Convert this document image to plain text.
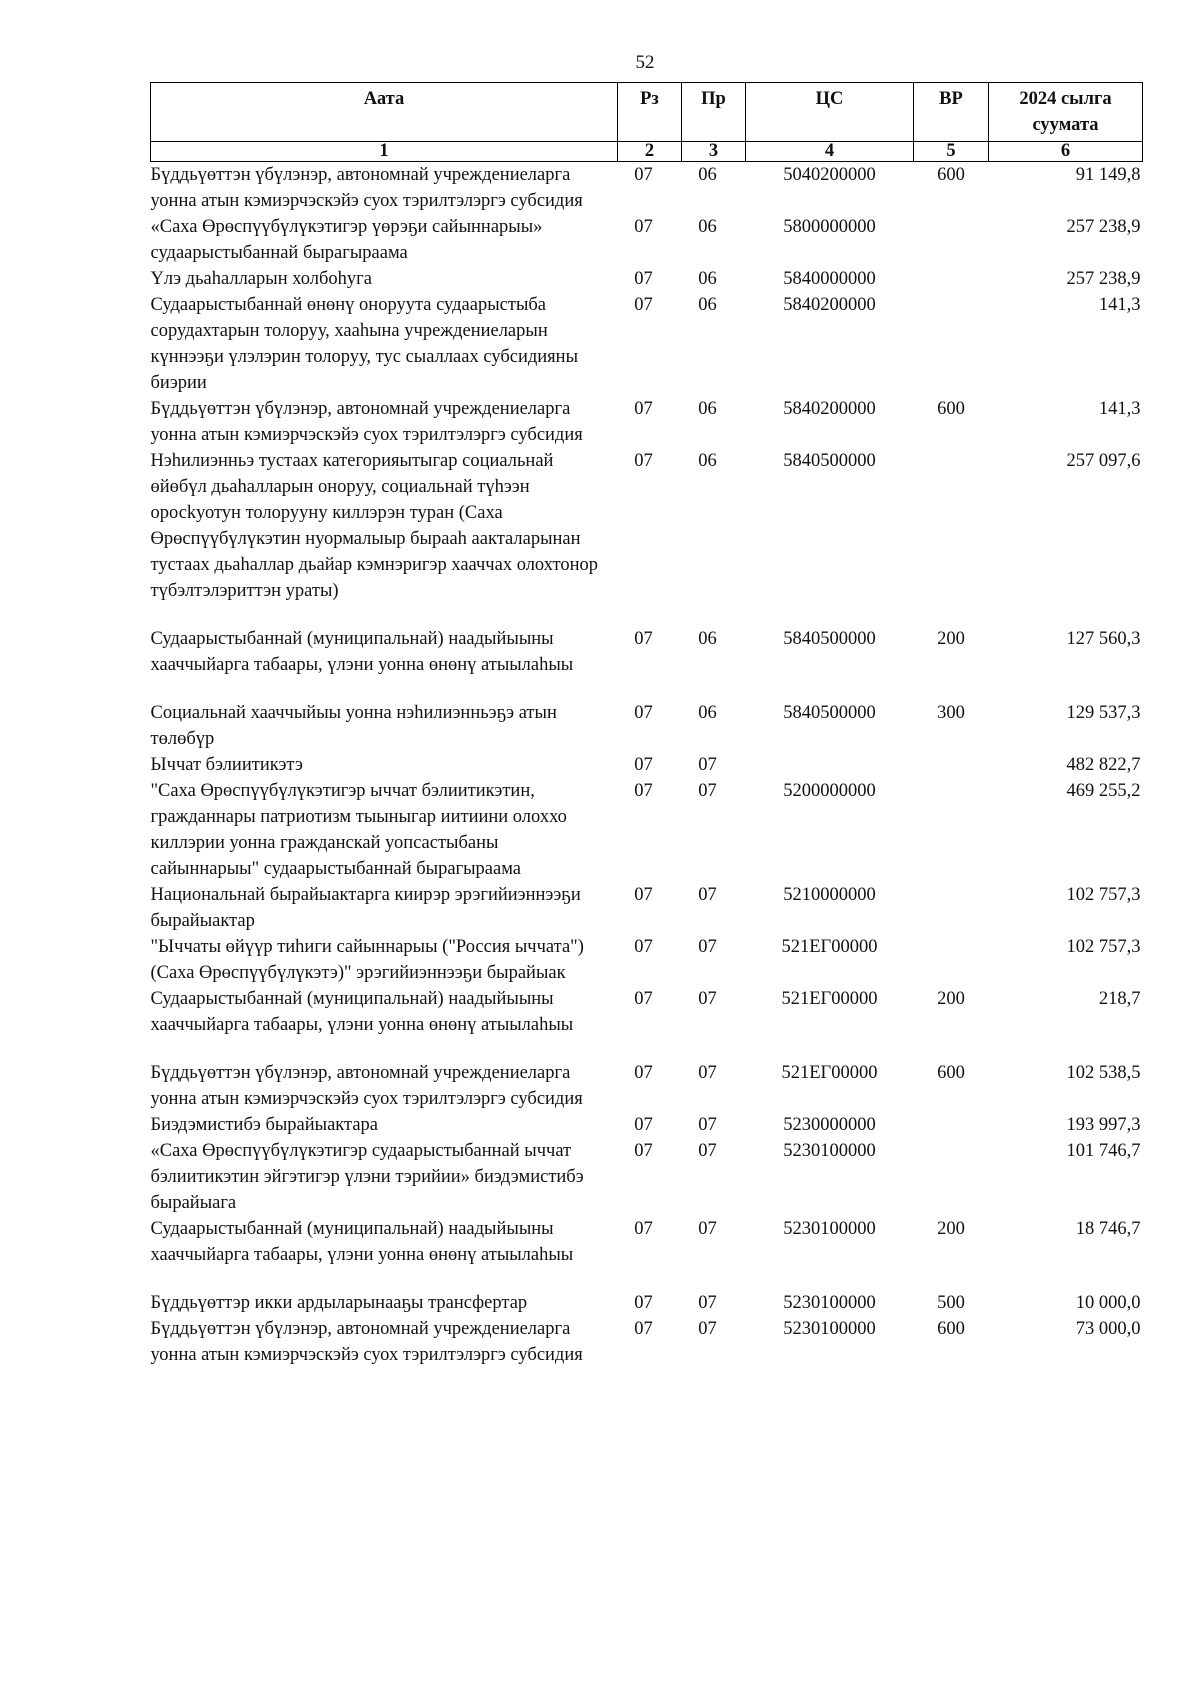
52
Аата	Рз	Пр	ЦС	ВР	2024 сылга суумата
1	2	3	4	5	6
Бүддьүөттэн үбүлэнэр, автономнай учреждениеларга уонна атын кэмиэрчэскэйэ суох тэрилтэлэргэ субсидия	07	06	5040200000	600	91 149,8
«Саха Өрөспүүбүлүкэтигэр үөрэҕи сайыннарыы» судаарыстыбаннай бырагыраама	07	06	5800000000		257 238,9
Үлэ дьаһалларын холбоһуга	07	06	5840000000		257 238,9
Судаарыстыбаннай өнөнү оноруута судаарыстыба сорудахтарын толоруу, хааһына учреждениеларын күннээҕи үлэлэрин толоруу, тус сыаллаах субсидияны биэрии	07	06	5840200000		141,3
Бүддьүөттэн үбүлэнэр, автономнай учреждениеларга уонна атын кэмиэрчэскэйэ суох тэрилтэлэргэ субсидия	07	06	5840200000	600	141,3
Нэһилиэнньэ тустаах категорияытыгар социальнай өйөбүл дьаһалларын оноруу, социальнай түһээн оросkуотун толорууну киллэрэн туран (Саха Өрөспүүбүлүкэтин нуормалыыр бырааһ аакталарынан тустаах дьаһаллар дьайар кэмнэригэр хааччах олохтонор түбэлтэлэриттэн ураты)	07	06	5840500000		257 097,6
Судаарыстыбаннай (муниципальнай) наадыйыыны хааччыйарга табаары, үлэни уонна өнөнү атыылаһыы	07	06	5840500000	200	127 560,3
Социальнай хааччыйыы уонна нэһилиэнньэҕэ атын төлөбүр	07	06	5840500000	300	129 537,3
Ыччат бэлиитикэтэ	07	07			482 822,7
"Саха Өрөспүүбүлүкэтигэр ыччат бэлиитикэтин, гражданнары патриотизм тыыныгар иитиини олоххо киллэрии уонна гражданскай уопсастыбаны сайыннарыы" судаарыстыбаннай бырагыраама	07	07	5200000000		469 255,2
Национальнай бырайыактарга киирэр эрэгийиэннээҕи бырайыактар	07	07	5210000000		102 757,3
"Ыччаты өйүүр тиһиги сайыннарыы ("Россия ыччата") (Саха Өрөспүүбүлүкэтэ)" эрэгийиэннээҕи бырайыак	07	07	521ЕГ00000		102 757,3
Судаарыстыбаннай (муниципальнай) наадыйыыны хааччыйарга табаары, үлэни уонна өнөнү атыылаһыы	07	07	521ЕГ00000	200	218,7
Бүддьүөттэн үбүлэнэр, автономнай учреждениеларга уонна атын кэмиэрчэскэйэ суох тэрилтэлэргэ субсидия	07	07	521ЕГ00000	600	102 538,5
Биэдэмистибэ бырайыактара	07	07	5230000000		193 997,3
«Саха Өрөспүүбүлүкэтигэр судаарыстыбаннай ыччат бэлиитикэтин эйгэтигэр үлэни тэрийии» биэдэмистибэ бырайыага	07	07	5230100000		101 746,7
Судаарыстыбаннай (муниципальнай) наадыйыыны хааччыйарга табаары, үлэни уонна өнөнү атыылаһыы	07	07	5230100000	200	18 746,7
Бүддьүөттэр икки ардыларынааҕы трансфертар	07	07	5230100000	500	10 000,0
Бүддьүөттэн үбүлэнэр, автономнай учреждениеларга уонна атын кэмиэрчэскэйэ суох тэрилтэлэргэ субсидия	07	07	5230100000	600	73 000,0
